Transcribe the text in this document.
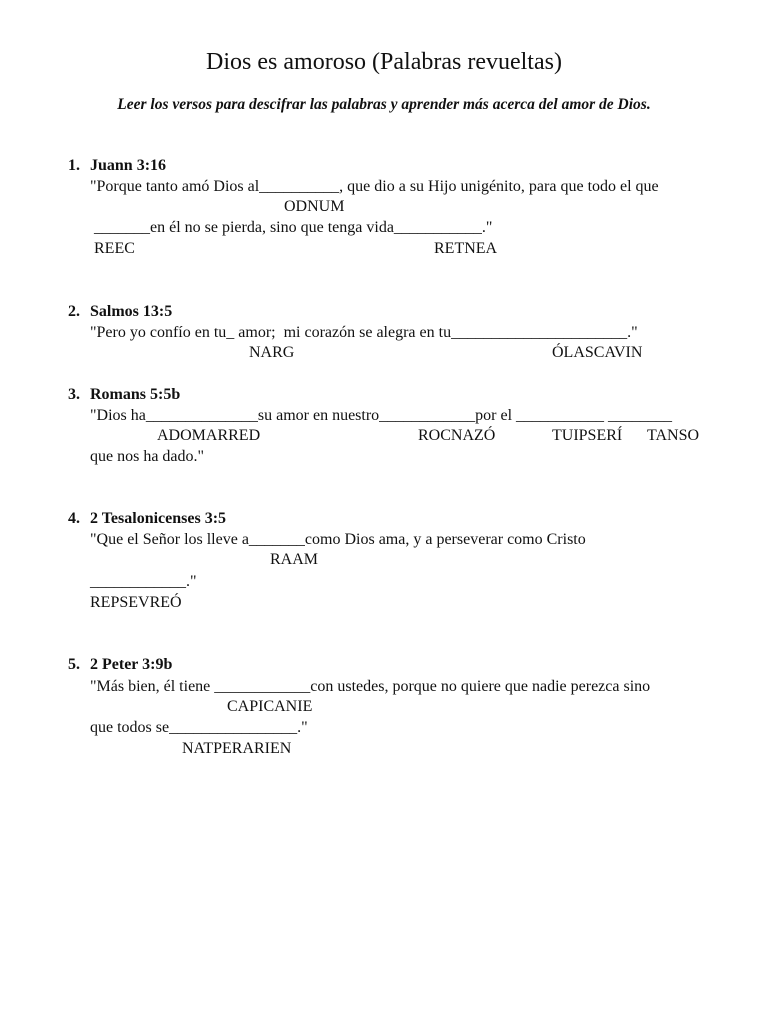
Dios es amoroso (Palabras revueltas)
Leer los versos para descifrar las palabras y aprender más acerca del amor de Dios.
1. Juann 3:16
"Porque tanto amó Dios al__________, que dio a su Hijo unigénito, para que todo el que
ODNUM
_______en él no se pierda, sino que tenga vida___________."
REEC	RETNEA
2. Salmos 13:5
"Pero yo confío en tu_ amor;  mi corazón se alegra en tu______________________."
NARG	ÓLASCAVIN
3. Romans 5:5b
"Dios ha______________su amor en nuestro____________por el ___________ ________
ADOMARRED	ROCNAZÓ	TUIPSERÍ TANSO
que nos ha dado."
4. 2 Tesalonicenses 3:5
"Que el Señor los lleve a_______como Dios ama, y a perseverar como Cristo
RAAM
____________."
REPSEVREÓ
5. 2 Peter 3:9b
"Más bien, él tiene ____________con ustedes, porque no quiere que nadie perezca sino
CAPICANIE
que todos se________________."
NATPERARIEN
